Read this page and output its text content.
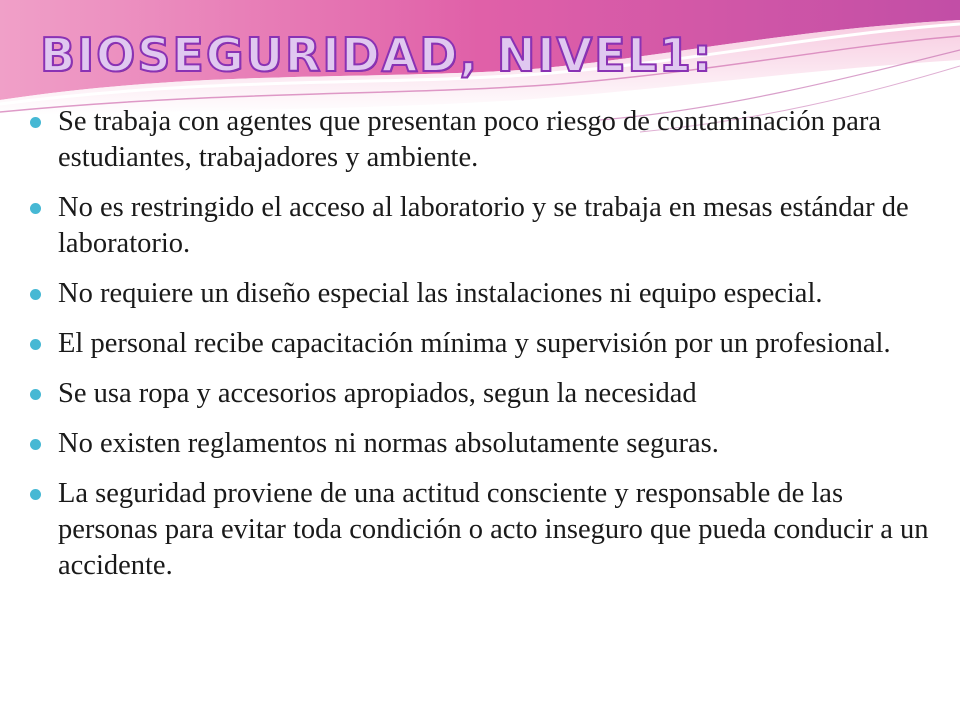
BIOSEGURIDAD, NIVEL1:
Se trabaja con agentes que presentan poco riesgo de contaminación para estudiantes, trabajadores y ambiente.
No es restringido el acceso al laboratorio y se trabaja en mesas estándar de laboratorio.
No requiere un diseño especial las instalaciones ni equipo especial.
El personal recibe capacitación mínima y supervisión por un profesional.
Se usa ropa y accesorios apropiados, segun la necesidad
No existen reglamentos ni normas absolutamente seguras.
La seguridad proviene de una actitud consciente y responsable de las personas para evitar toda condición o acto inseguro que pueda conducir a un accidente.
